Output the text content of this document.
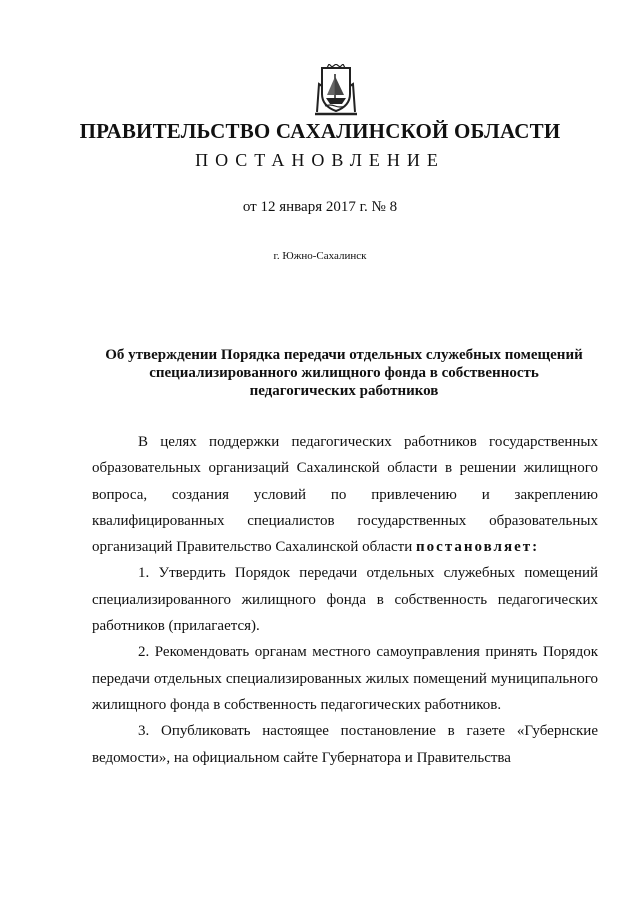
ПРАВИТЕЛЬСТВО САХАЛИНСКОЙ ОБЛАСТИ
ПОСТАНОВЛЕНИЕ
от 12 января 2017 г. № 8
г. Южно-Сахалинск
Об утверждении Порядка передачи отдельных служебных помещений
специализированного жилищного фонда в собственность
педагогических работников

В целях поддержки педагогических работников государственных образовательных организаций Сахалинской области в решении жилищного вопроса, создания условий по привлечению и закреплению квалифицированных специалистов государственных образовательных организаций Правительство Сахалинской области постановляет:

1. Утвердить Порядок передачи отдельных служебных помещений специализированного жилищного фонда в собственность педагогических работников (прилагается).

2. Рекомендовать органам местного самоуправления принять Порядок передачи отдельных специализированных жилых помещений муниципального жилищного фонда в собственность педагогических работников.

3. Опубликовать настоящее постановление в газете «Губернские ведомости», на официальном сайте Губернатора и Правительства
